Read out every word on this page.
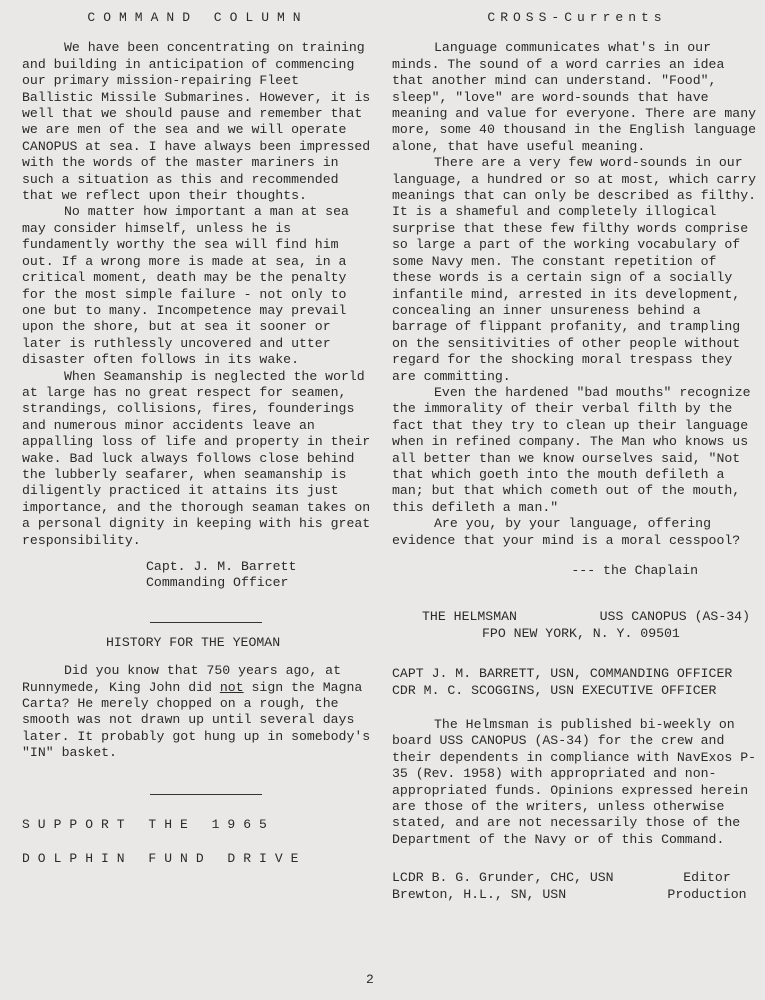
COMMAND COLUMN

We have been concentrating on training and building in anticipation of commencing our primary mission-repairing Fleet Ballistic Missile Submarines. However, it is well that we should pause and remember that we are men of the sea and we will operate CANOPUS at sea. I have always been impressed with the words of the master mariners in such a situation as this and recommended that we reflect upon their thoughts.

No matter how important a man at sea may consider himself, unless he is fundamently worthy the sea will find him out. If a wrong more is made at sea, in a critical moment, death may be the penalty for the most simple failure - not only to one but to many. Incompetence may prevail upon the shore, but at sea it sooner or later is ruthlessly uncovered and utter disaster often follows in its wake.

When Seamanship is neglected the world at large has no great respect for seamen, strandings, collisions, fires, founderings and numerous minor accidents leave an appalling loss of life and property in their wake. Bad luck always follows close behind the lubberly seafarer, when seamanship is diligently practiced it attains its just importance, and the thorough seaman takes on a personal dignity in keeping with his great responsibility.

Capt. J. M. Barrett
Commanding Officer
HISTORY FOR THE YEOMAN

Did you know that 750 years ago, at Runnymede, King John did not sign the Magna Carta? He merely chopped on a rough, the smooth was not drawn up until several days later. It probably got hung up in somebody's "IN" basket.

SUPPORT THE 1965
DOLPHIN FUND DRIVE
CROSS-Currents

Language communicates what's in our minds. The sound of a word carries an idea that another mind can understand. "Food", sleep", "love" are word-sounds that have meaning and value for everyone. There are many more, some 40 thousand in the English language alone, that have useful meaning.

There are a very few word-sounds in our language, a hundred or so at most, which carry meanings that can only be described as filthy. It is a shameful and completely illogical surprise that these few filthy words comprise so large a part of the working vocabulary of some Navy men. The constant repetition of these words is a certain sign of a socially infantile mind, arrested in its development, concealing an inner unsureness behind a barrage of flippant profanity, and trampling on the sensitivities of other people without regard for the shocking moral trespass they are committing.

Even the hardened "bad mouths" recognize the immorality of their verbal filth by the fact that they try to clean up their language when in refined company. The Man who knows us all better than we know ourselves said, "Not that which goeth into the mouth defileth a man; but that which cometh out of the mouth, this defileth a man."

Are you, by your language, offering evidence that your mind is a moral cesspool?

--- the Chaplain
THE HELMSMAN	USS CANOPUS (AS-34)
FPO NEW YORK, N. Y. 09501
CAPT J. M. BARRETT, USN, COMMANDING OFFICER
CDR M. C. SCOGGINS, USN EXECUTIVE OFFICER

The Helmsman is published bi-weekly on board USS CANOPUS (AS-34) for the crew and their dependents in compliance with NavExos P-35 (Rev. 1958) with appropriated and non-appropriated funds. Opinions expressed herein are those of the writers, unless otherwise stated, and are not necessarily those of the Department of the Navy or of this Command.

LCDR B. G. Grunder, CHC, USN
Brewton, H.L., SN, USN
Editor
Production
2
